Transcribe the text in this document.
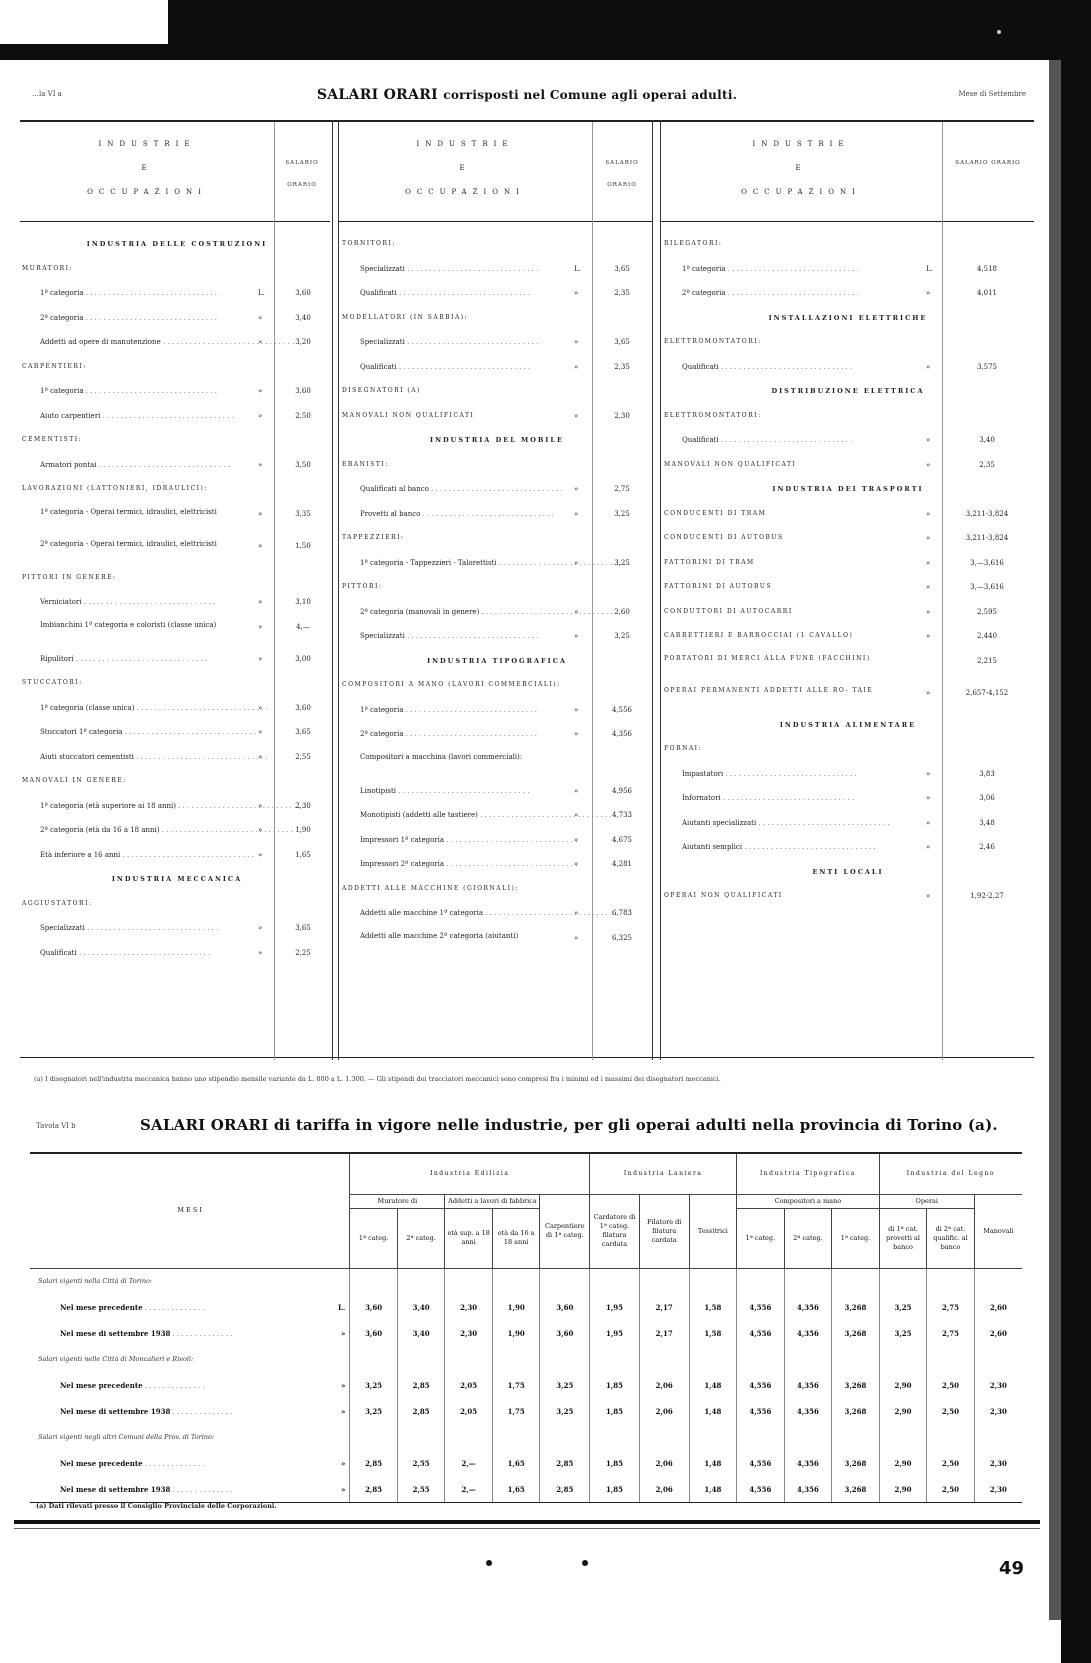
…la VI a	SALARI ORARI corrisposti nel Comune agli operai adulti.	Mese di Settembre
INDUSTRIE
E
OCCUPAZIONI
SALARIO ORARIO
INDUSTRIE
E
OCCUPAZIONI
SALARIO ORARIO
INDUSTRIE
E
OCCUPAZIONI
SALARIO ORARIO
INDUSTRIA DELLE COSTRUZIONI
MURATORI:
1ª categoria . . .	L.	3,60
2ª categoria . . .	»	3,40
Addetti ad opere di manutenzione . . .	»	3,20
CARPENTIERI:
1ª categoria . . .	»	3,60
Aiuto carpentieri . . .	»	2,50
CEMENTISTI:
Armatori pontai . . .	»	3,50
LAVORAZIONI (LATTONIERI, IDRAULICI):
1ª categoria - Operai termici, idraulici, elettricisti	»	3,35
2ª categoria - Operai termici, idraulici, elettricisti	»	1,50
PITTORI IN GENERE:
Verniciatori . . .	»	3,10
Imbianchini 1ª categoria e coloristi (classe unica)	»	4,—
Ripulitori . . .	»	3,00
STUCCATORI:
1ª categoria (classe unica) . . .	»	3,60
Stuccatori 1ª categoria . . .	»	3,65
Aiuti stuccatori cementisti . . .	»	2,55
MANOVALI IN GENERE:
1ª categoria (età superiore ai 18 anni) . . .	»	2,30
2ª categoria (età da 16 a 18 anni) . . .	»	1,90
Età inferiore a 16 anni . . .	»	1,65
INDUSTRIA MECCANICA
AGGIUSTATORI:
Specializzati . . .	»	3,65
Qualificati . . .	»	2,25
TORNITORI:
Specializzati . . .	L.	3,65
Qualificati . . .	»	2,35
MODELLATORI (IN SABBIA):
Specializzati . . .	»	3,65
Qualificati . . .	»	2,35
DISEGNATORI (A)
MANOVALI NON QUALIFICATI	»	2,30
INDUSTRIA DEL MOBILE
EBANISTI:
Qualificati al banco . . .	»	2,75
Provetti al banco . . .	»	3,25
TAPPEZZIERI:
1ª categoria - Tappezzieri - Talorettisti . . .	»	3,25
PITTORI:
2ª categoria (manovali in genere) . . .	»	2,60
Specializzati . . .	»	3,25
INDUSTRIA TIPOGRAFICA
COMPOSITORI A MANO (LAVORI COMMERCIALI):
1ª categoria . . .	»	4,556
2ª categoria . . .	»	4,356
Compositori a macchina (lavori commerciali):
Linotipisti . . .	»	4,956
Monotipisti (addetti alle tastiere) . . .	»	4,733
Impressori 1ª categoria . . .	»	4,675
Impressori 2ª categoria . . .	»	4,281
ADDETTI ALLE MACCHINE (GIORNALI):
Addetti alle macchine 1ª categoria . . .	»	6,783
Addetti alle macchine 2ª categoria (aiutanti)	»	6,325
RILEGATORI:
1ª categoria . . .	L.	4,518
2ª categoria . . .	»	4,011
INSTALLAZIONI ELETTRICHE
ELETTROMONTATORI:
Qualificati . . .	»	3,575
DISTRIBUZIONE ELETTRICA
ELETTROMONTATORI:
Qualificati . . .	»	3,40
MANOVALI NON QUALIFICATI	»	2,35
INDUSTRIA DEI TRASPORTI
CONDUCENTI DI TRAM	»	3,211-3,824
CONDUCENTI DI AUTOBUS	»	3,211-3,824
FATTORINI DI TRAM	»	3,—3,616
FATTORINI DI AUTOBUS	»	3,—3,616
CONDUTTORI DI AUTOCARRI	»	2,595
CARRETTIERI E BARROCCIAI (1 CAVALLO)	»	2,440
PORTATORI DI MERCI ALLA FUNE (FACCHINI)	2,215
OPERAI PERMANENTI ADDETTI ALLE RO- TAIE	»	2,657-4,152
INDUSTRIA ALIMENTARE
FORNAI:
Impastatori . . .	»	3,83
Infornatori . . .	»	3,06
Aiutanti specializzati . . .	»	3,48
Aiutanti semplici . . .	»	2,46
ENTI LOCALI
OPERAI NON QUALIFICATI	»	1,92-2,27
(a) I disegnatori nell'industria meccanica hanno uno stipendio mensile variante da L. 800 a L. 1.300. — Gli stipendi dei tracciatori meccanici sono compresi fra i minimi ed i massimi dei disegnatori meccanici.
Tavola VI b	SALARI ORARI di tariffa in vigore nelle industrie, per gli operai adulti nella provincia di Torino (a).
M E S I	Industria Edilizia					Industria Laniera			Industria Tipografica			Industria del Legno		
	Muratore di		Addetti a lavori di fabbrica		Carpentiere di 1ª categ.	Cardatore di 1ª categ. filatura cardata	Filatore di filatura cardata	Tessitrici	Compositori a mano			Operai		Manovali
	1ª categ.	2ª categ.	età sup. a 18 anni	età da 16 a 18 anni					1ª categ.	2ª categ.	1ª categ.	di 1ª cat. provetti al banco	di 2ª cat. qualific. al banco	
Salari vigenti nella Città di Torino:														

L.
Nel mese precedente . . . . . . . . . . . . . .	3,60	3,40	2,30	1,90	3,60	1,95	2,17	1,58	4,556	4,356	3,268	3,25	2,75	2,60

»
Nel mese di settembre 1938 . . . . . . . . . . . . . .	3,60	3,40	2,30	1,90	3,60	1,95	2,17	1,58	4,556	4,356	3,268	3,25	2,75	2,60
Salari vigenti nelle Città di Moncalieri e Rivoli:														

»
Nel mese precedente . . . . . . . . . . . . . .	3,25	2,85	2,05	1,75	3,25	1,85	2,06	1,48	4,556	4,356	3,268	2,90	2,50	2,30

»
Nel mese di settembre 1938 . . . . . . . . . . . . . .	3,25	2,85	2,05	1,75	3,25	1,85	2,06	1,48	4,556	4,356	3,268	2,90	2,50	2,30
Salari vigenti negli altri Comuni della Prov. di Torino:														

»
Nel mese precedente . . . . . . . . . . . . . .	2,85	2,55	2,—	1,65	2,85	1,85	2,06	1,48	4,556	4,356	3,268	2,90	2,50	2,30

»
Nel mese di settembre 1938 . . . . . . . . . . . . . .	2,85	2,55	2,—	1,65	2,85	1,85	2,06	1,48	4,556	4,356	3,268	2,90	2,50	2,30
(a) Dati rilevati presso il Consiglio Provinciale delle Corporazioni.
49
